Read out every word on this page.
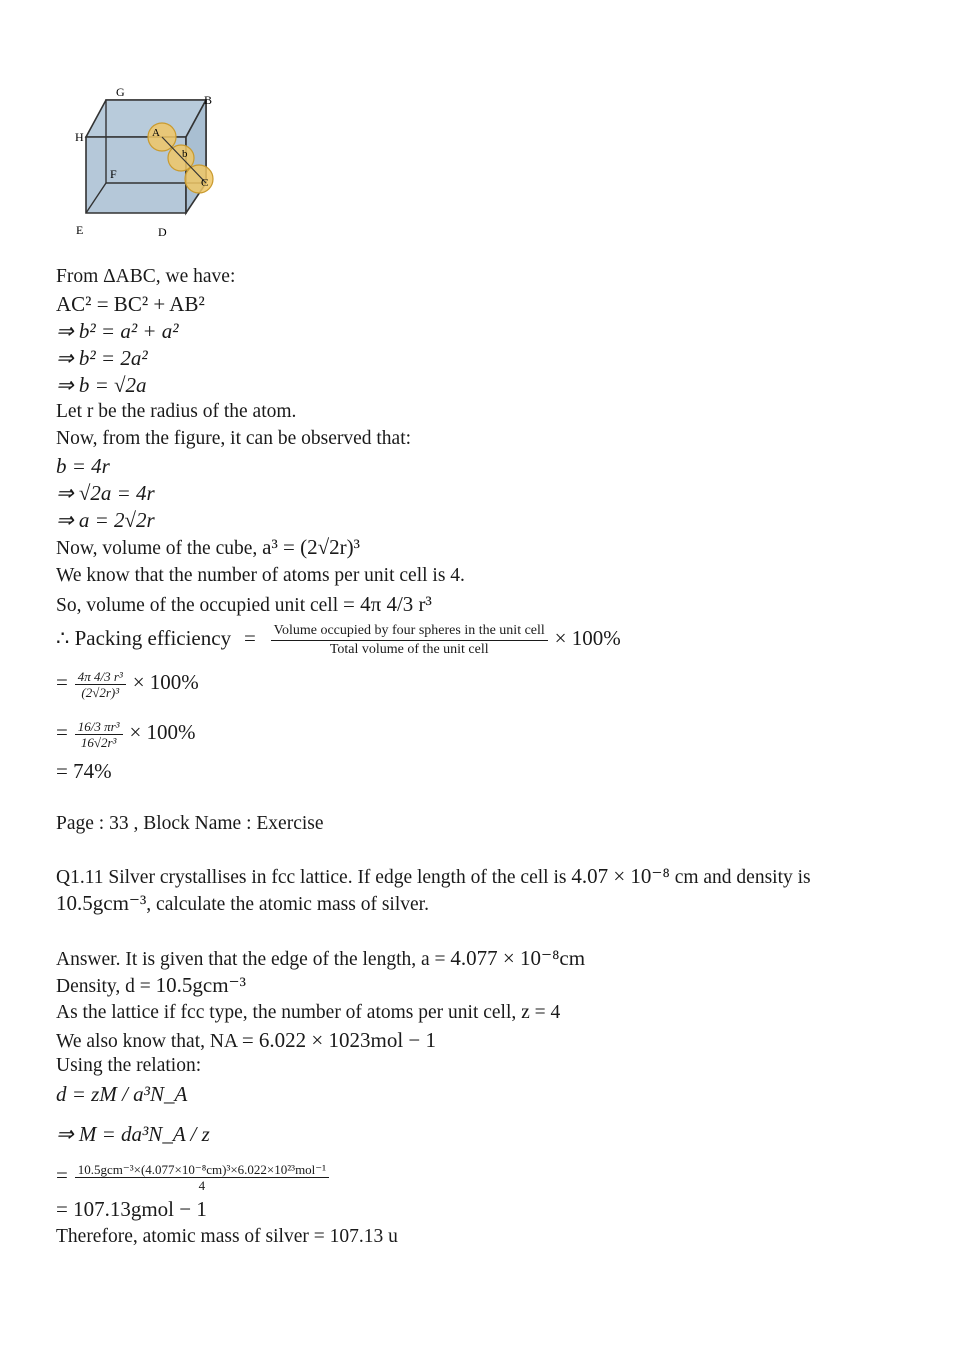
G
B
H
F
E	D
A
b
C
From ΔABC, we have:
AC² = BC² + AB²
⇒ b² = a² + a²
⇒ b² = 2a²
⇒ b = √2a
Let r be the radius of the atom.
Now, from the figure, it can be observed that:
b = 4r
⇒ √2a = 4r
⇒ a = 2√2r
Now, volume of the cube, a³ = (2√2r)³
We know that the number of atoms per unit cell is 4.
So, volume of the occupied unit cell = 4π 4/3 r³
∴ Packing efficiency = $\frac{\text{Volume occupied by four spheres in the unit cell}}{\text{Total volume of the unit cell}} \times 100\%$
= $\frac{\text{4π 4/3 r³}}{\text{(2√2r)³}} \times 100\%$
= $\frac{\text{16/3 πr³}}{\text{16√2r³}} \times 100\%$
= 74%
Page : 33 , Block Name : Exercise
Q1.11 Silver crystallises in fcc lattice. If edge length of the cell is 4.07 × 10⁻⁸ cm and density is
10.5gcm⁻³, calculate the atomic mass of silver.
Answer. It is given that the edge of the length, a = 4.077 × 10⁻⁸cm
Density, d = 10.5gcm⁻³
As the lattice if fcc type, the number of atoms per unit cell, z = 4
We also know that, NA = 6.022 × 1023mol − 1
Using the relation:
d = zM / a³N_A
⇒ M = da³N_A / z
= $\frac{\text{10.5gcm⁻³×(4.077×10⁻⁸cm)³×6.022×10²³mol⁻¹}}{4}$
= 107.13gmol − 1
Therefore, atomic mass of silver = 107.13 u
